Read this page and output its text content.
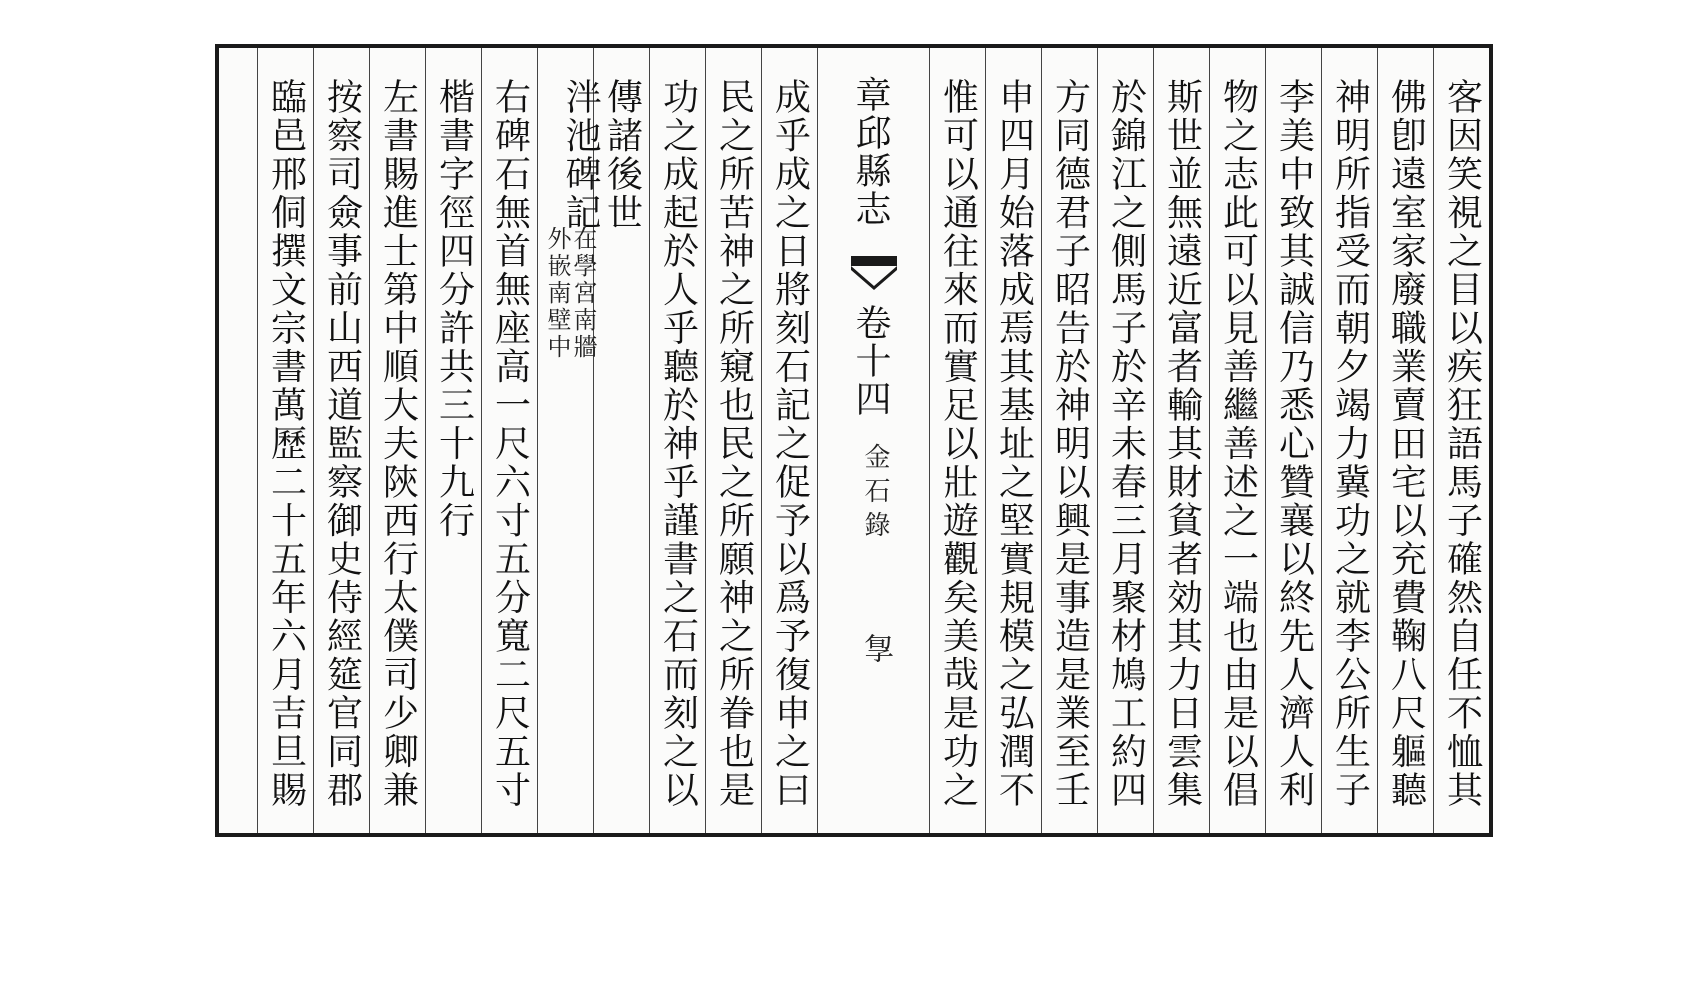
客因笑視之目以疾狂語馬子確然自任不恤其
佛卽遠室家廢職業賣田宅以充費鞠八尺軀聽
神明所指受而朝夕竭力冀功之就李公所生子
李美中致其誠信乃悉心贊襄以終先人濟人利
物之志此可以見善繼善述之一端也由是以倡
斯世並無遠近富者輸其財貧者効其力日雲集
於錦江之側馬子於辛未春三月聚材鳩工約四
方同德君子昭告於神明以興是事造是業至壬
申四月始落成焉其基址之堅實規模之弘潤不
惟可以通往來而實足以壯遊觀矣美哉是功之
章邱縣志
卷十四
金石錄
㝁
成乎成之日將刻石記之促予以爲予復申之曰
民之所苦神之所窺也民之所願神之所眷也是
功之成起於人乎聽於神乎謹書之石而刻之以
傳諸後世
泮池碑記
在學宮南牆
外嵌南壁中
右碑石無首無座高一尺六寸五分寬二尺五寸
楷書字徑四分許共三十九行
左書賜進士第中順大夫陝西行太僕司少卿兼
按察司僉事前山西道監察御史侍經筵官同郡
臨邑邢侗撰文宗書萬歷二十五年六月吉旦賜
